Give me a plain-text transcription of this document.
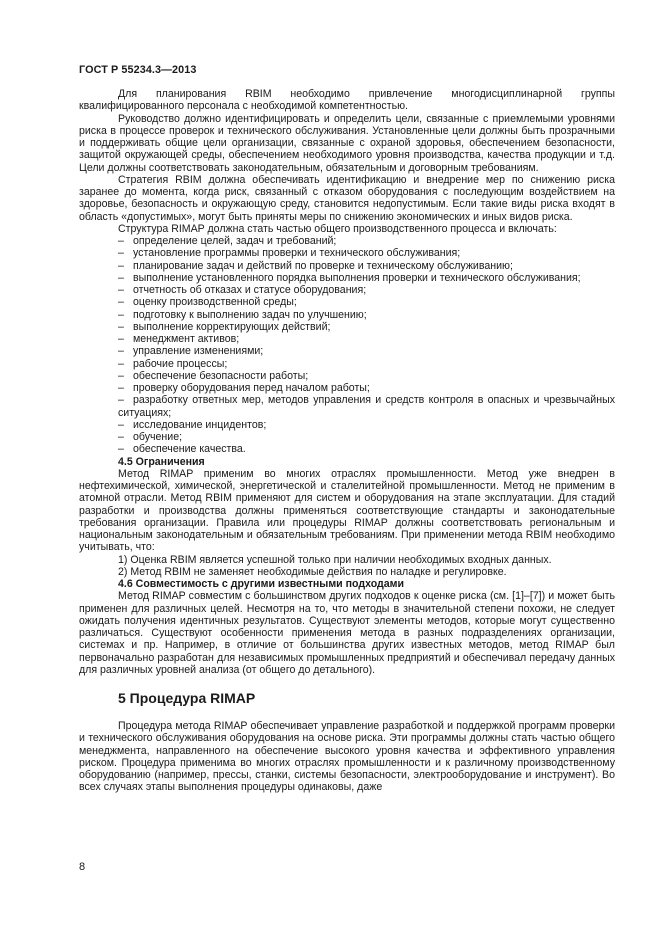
ГОСТ Р 55234.3—2013

Для планирования RBIM необходимо привлечение многодисциплинарной группы квалифицированного персонала с необходимой компетентностью.

Руководство должно идентифицировать и определить цели, связанные с приемлемыми уровнями риска в процессе проверок и технического обслуживания. Установленные цели должны быть прозрачными и поддерживать общие цели организации, связанные с охраной здоровья, обеспечением безопасности, защитой окружающей среды, обеспечением необходимого уровня производства, качества продукции и т.д. Цели должны соответствовать законодательным, обязательным и договорным требованиям.

Стратегия RBIM должна обеспечивать идентификацию и внедрение мер по снижению риска заранее до момента, когда риск, связанный с отказом оборудования с последующим воздействием на здоровье, безопасность и окружающую среду, становится недопустимым. Если такие виды риска входят в область «допустимых», могут быть приняты меры по снижению экономических и иных видов риска.

Структура RIMAP должна стать частью общего производственного процесса и включать:

– определение целей, задач и требований;

– установление программы проверки и технического обслуживания;

– планирование задач и действий по проверке и техническому обслуживанию;

– выполнение установленного порядка выполнения проверки и технического обслуживания;

– отчетность об отказах и статусе оборудования;

– оценку производственной среды;

– подготовку к выполнению задач по улучшению;

– выполнение корректирующих действий;

– менеджмент активов;

– управление изменениями;

– рабочие процессы;

– обеспечение безопасности работы;

– проверку оборудования перед началом работы;

– разработку ответных мер, методов управления и средств контроля в опасных и чрезвычайных ситуациях;

– исследование инцидентов;

– обучение;

– обеспечение качества.

4.5 Ограничения

Метод RIMAP применим во многих отраслях промышленности. Метод уже внедрен в нефтехимической, химической, энергетической и сталелитейной промышленности. Метод не применим в атомной отрасли. Метод RBIM применяют для систем и оборудования на этапе эксплуатации. Для стадий разработки и производства должны применяться соответствующие стандарты и законодательные требования организации. Правила или процедуры RIMAP должны соответствовать региональным и национальным законодательным и обязательным требованиям. При применении метода RBIM необходимо учитывать, что:

1) Оценка RBIM является успешной только при наличии необходимых входных данных.

2) Метод RBIM не заменяет необходимые действия по наладке и регулировке.

4.6 Совместимость с другими известными подходами

Метод RIMAP совместим с большинством других подходов к оценке риска (см. [1]–[7]) и может быть применен для различных целей. Несмотря на то, что методы в значительной степени похожи, не следует ожидать получения идентичных результатов. Существуют элементы методов, которые могут существенно различаться. Существуют особенности применения метода в разных подразделениях организации, системах и пр. Например, в отличие от большинства других известных методов, метод RIMAP был первоначально разработан для независимых промышленных предприятий и обеспечивал передачу данных для различных уровней анализа (от общего до детального).

5 Процедура RIMAP

Процедура метода RIMAP обеспечивает управление разработкой и поддержкой программ проверки и технического обслуживания оборудования на основе риска. Эти программы должны стать частью общего менеджмента, направленного на обеспечение высокого уровня качества и эффективного управления риском. Процедура применима во многих отраслях промышленности и к различному производственному оборудованию (например, прессы, станки, системы безопасности, электрооборудование и инструмент). Во всех случаях этапы выполнения процедуры одинаковы, даже

8
